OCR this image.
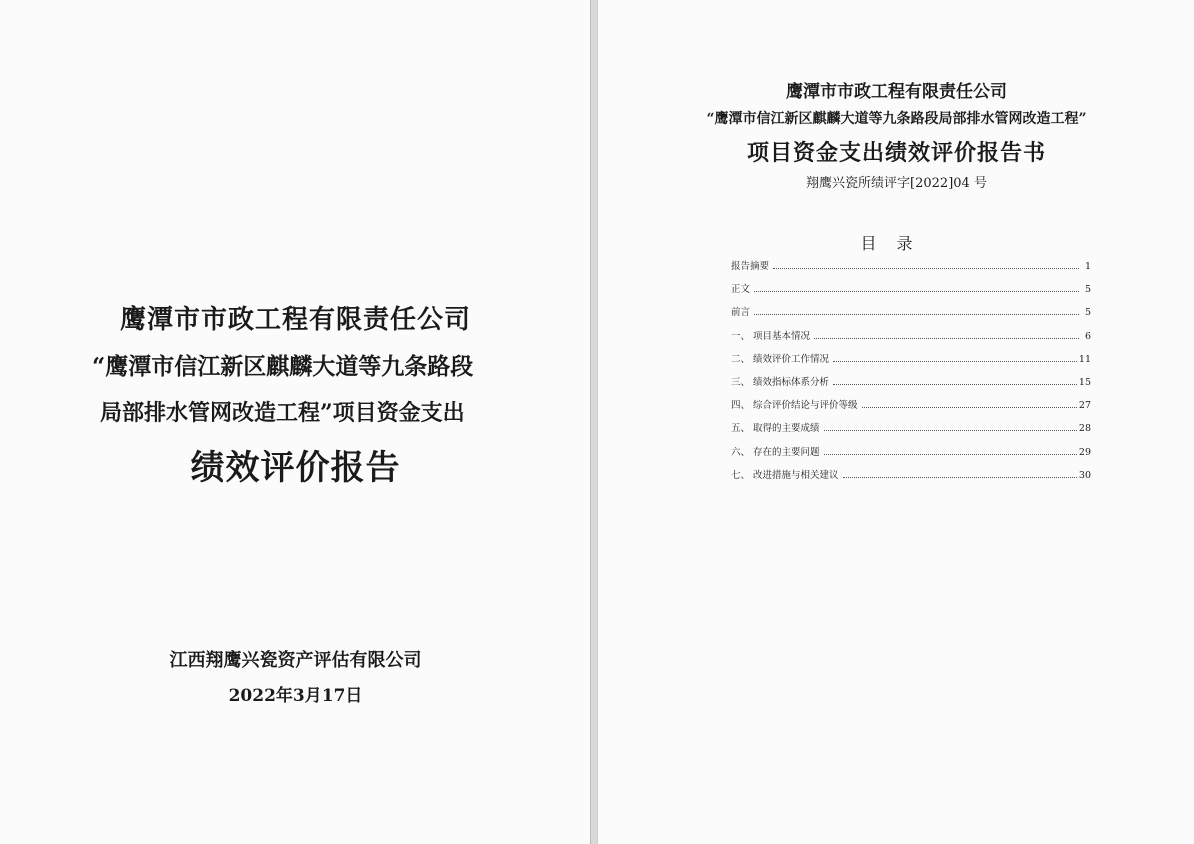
鹰潭市市政工程有限责任公司
“鹰潭市信江新区麒麟大道等九条路段
局部排水管网改造工程”项目资金支出
绩效评价报告
江西翔鹰兴瓷资产评估有限公司
2022年3月17日
鹰潭市市政工程有限责任公司
“鹰潭市信江新区麒麟大道等九条路段局部排水管网改造工程”
项目资金支出绩效评价报告书
翔鹰兴瓷所绩评字[2022]04 号
目录
报告摘要	1
正文	5
前言	5
一、 项目基本情况	6
二、 绩效评价工作情况	11
三、 绩效指标体系分析	15
四、 综合评价结论与评价等级	27
五、 取得的主要成绩	28
六、 存在的主要问题	29
七、 改进措施与相关建议	30
